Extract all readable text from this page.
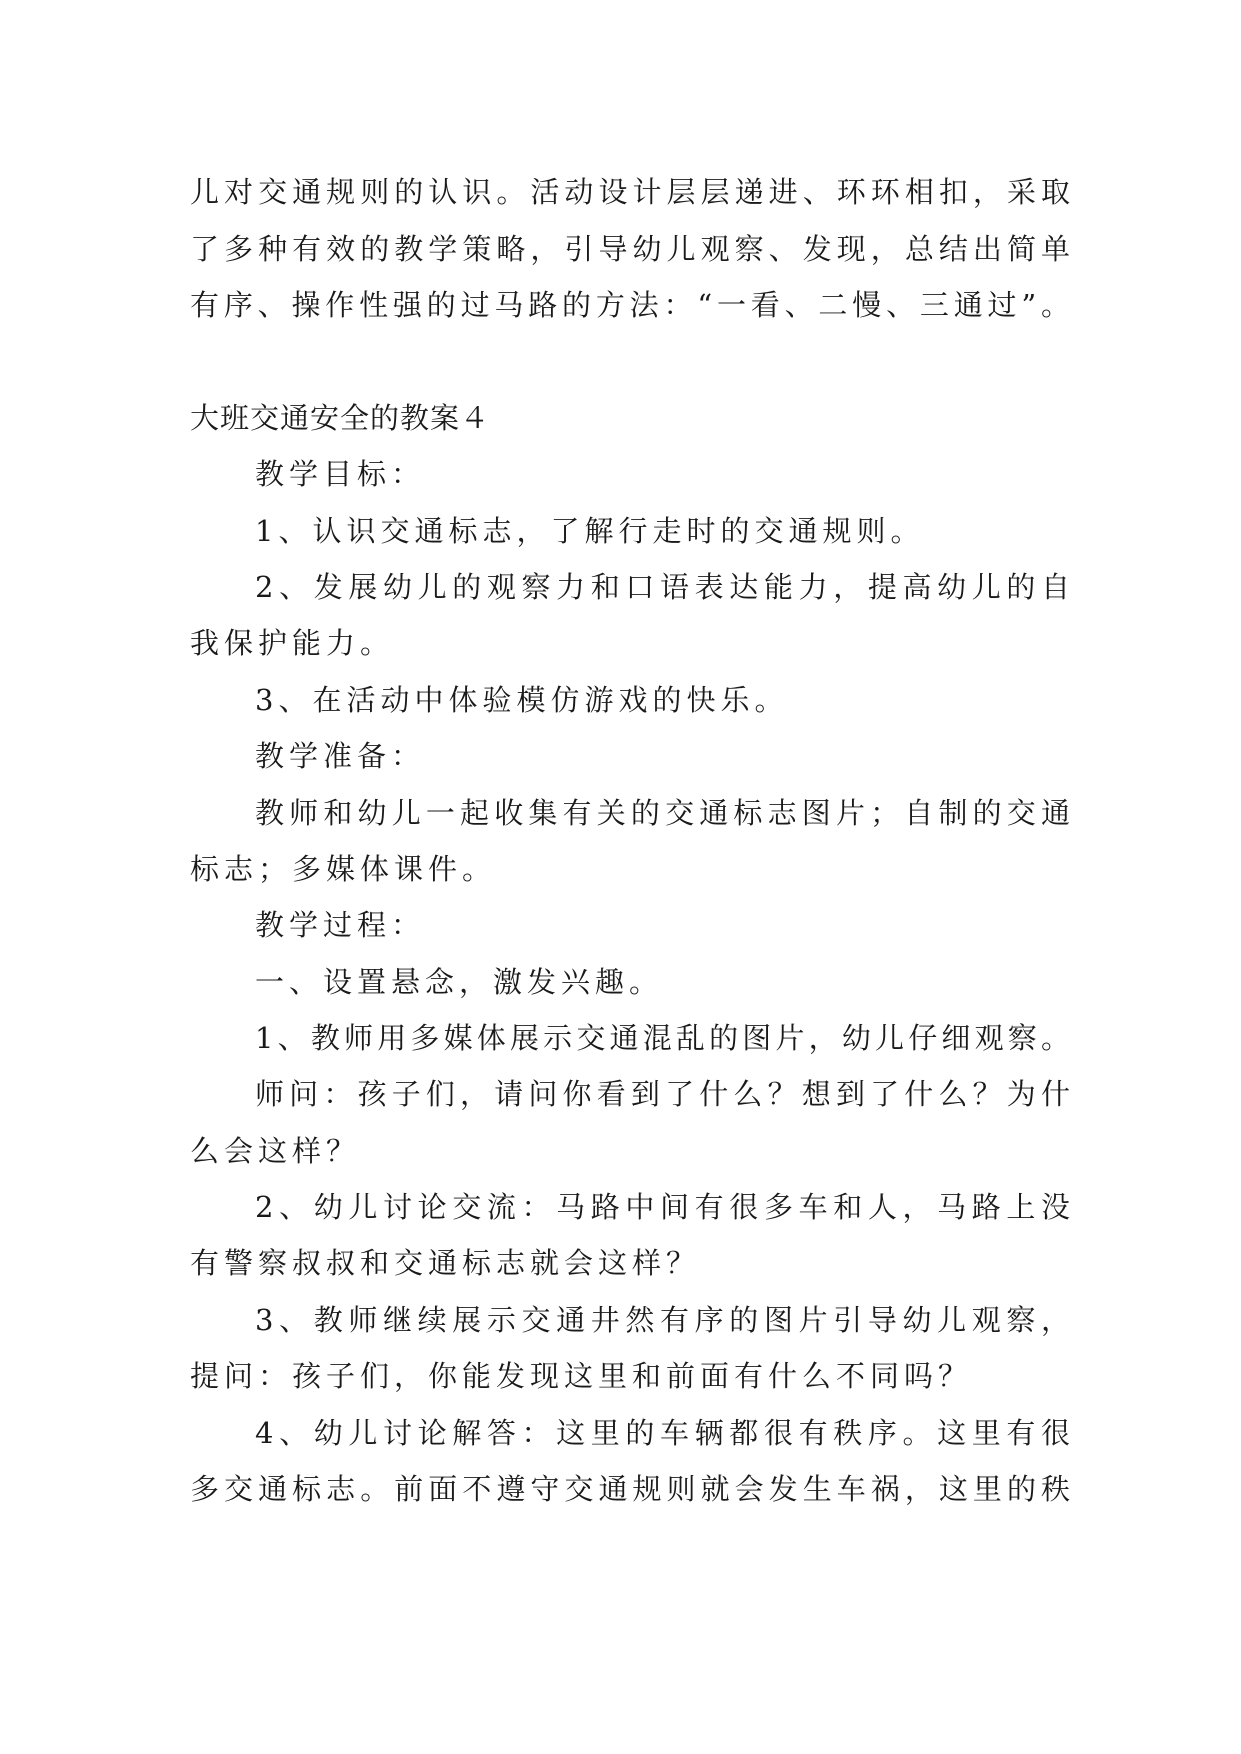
儿对交通规则的认识。活动设计层层递进、环环相扣，采取
了多种有效的教学策略，引导幼儿观察、发现，总结出简单
有序、操作性强的过马路的方法：“一看、二慢、三通过”。
大班交通安全的教案４
教学目标：
1、认识交通标志，了解行走时的交通规则。
2、发展幼儿的观察力和口语表达能力，提高幼儿的自
我保护能力。
3、在活动中体验模仿游戏的快乐。
教学准备：
教师和幼儿一起收集有关的交通标志图片；自制的交通
标志；多媒体课件。
教学过程：
一、设置悬念，激发兴趣。
1、教师用多媒体展示交通混乱的图片，幼儿仔细观察。
师问：孩子们，请问你看到了什么？想到了什么？为什
么会这样？
2、幼儿讨论交流：马路中间有很多车和人，马路上没
有警察叔叔和交通标志就会这样？
3、教师继续展示交通井然有序的图片引导幼儿观察，
提问：孩子们，你能发现这里和前面有什么不同吗？
4、幼儿讨论解答：这里的车辆都很有秩序。这里有很
多交通标志。前面不遵守交通规则就会发生车祸，这里的秩
